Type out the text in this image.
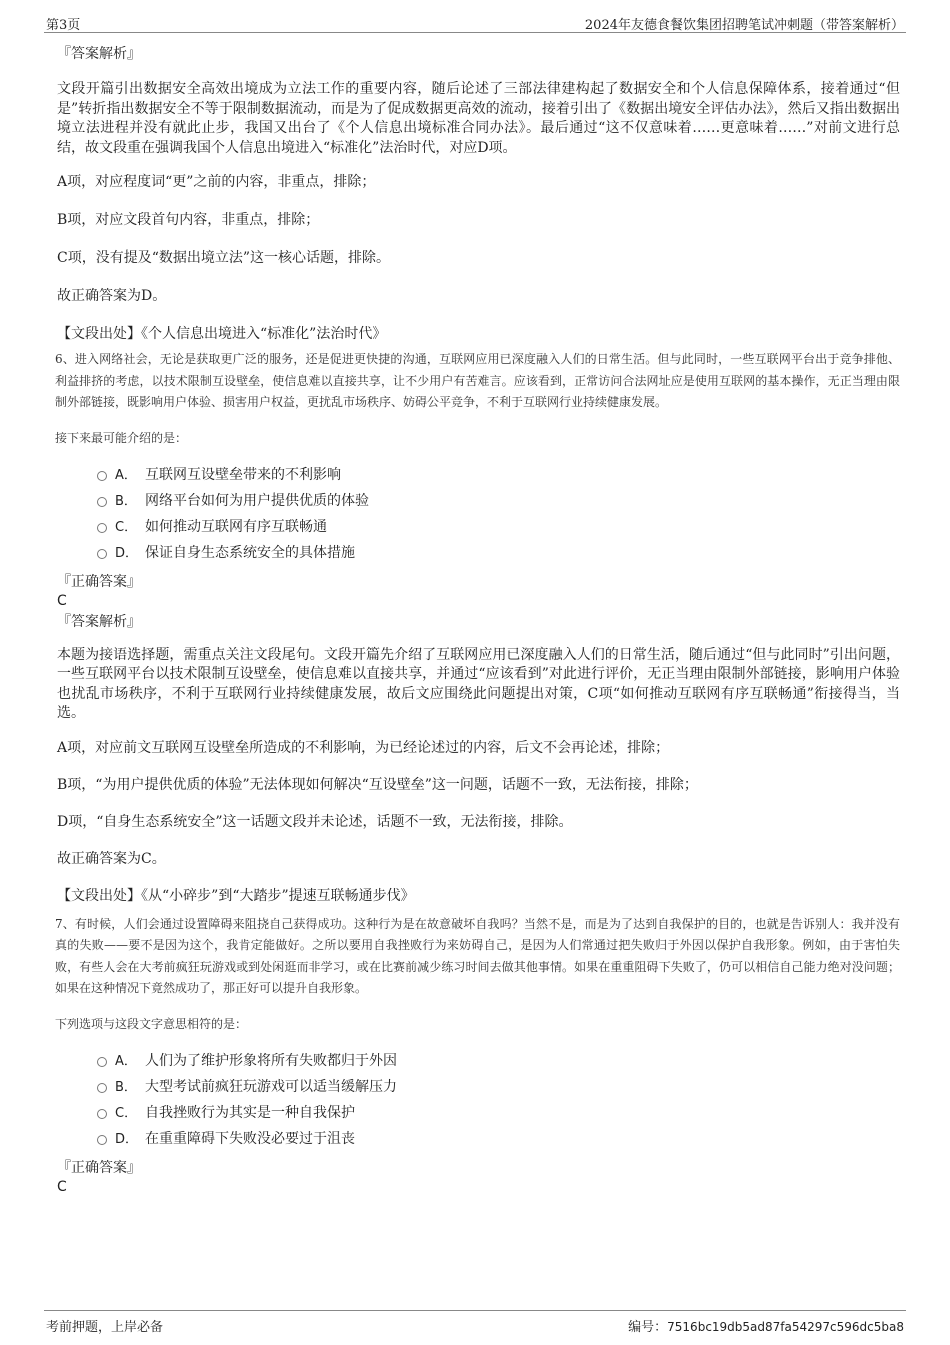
第3页	2024年友德食餐饮集团招聘笔试冲刺题（带答案解析）
『答案解析』

文段开篇引出数据安全高效出境成为立法工作的重要内容，随后论述了三部法律建构起了数据安全和个人信息保障体系，接着通过“但是”转折指出数据安全不等于限制数据流动，而是为了促成数据更高效的流动，接着引出了《数据出境安全评估办法》，然后又指出数据出境立法进程并没有就此止步，我国又出台了《个人信息出境标准合同办法》。最后通过“这不仅意味着……更意味着……”对前文进行总结，故文段重在强调我国个人信息出境进入“标准化”法治时代，对应D项。

A项，对应程度词“更”之前的内容，非重点，排除；
B项，对应文段首句内容，非重点，排除；
C项，没有提及“数据出境立法”这一核心话题，排除。
故正确答案为D。
【文段出处】《个人信息出境进入“标准化”法治时代》

6、进入网络社会，无论是获取更广泛的服务，还是促进更快捷的沟通，互联网应用已深度融入人们的日常生活。但与此同时，一些互联网平台出于竞争排他、利益排挤的考虑，以技术限制互设壁垒，使信息难以直接共享，让不少用户有苦难言。应该看到，正常访问合法网址应是使用互联网的基本操作，无正当理由限制外部链接，既影响用户体验、损害用户权益，更扰乱市场秩序、妨碍公平竞争，不利于互联网行业持续健康发展。

接下来最可能介绍的是：
A． 互联网互设壁垒带来的不利影响
B． 网络平台如何为用户提供优质的体验
C． 如何推动互联网有序互联畅通
D． 保证自身生态系统安全的具体措施
『正确答案』
C
『答案解析』

本题为接语选择题，需重点关注文段尾句。文段开篇先介绍了互联网应用已深度融入人们的日常生活，随后通过“但与此同时”引出问题，一些互联网平台以技术限制互设壁垒，使信息难以直接共享，并通过“应该看到”对此进行评价，无正当理由限制外部链接，影响用户体验也扰乱市场秩序，不利于互联网行业持续健康发展，故后文应围绕此问题提出对策，C项“如何推动互联网有序互联畅通”衔接得当，当选。

A项，对应前文互联网互设壁垒所造成的不利影响，为已经论述过的内容，后文不会再论述，排除；
B项，“为用户提供优质的体验”无法体现如何解决“互设壁垒”这一问题，话题不一致，无法衔接，排除；
D项，“自身生态系统安全”这一话题文段并未论述，话题不一致，无法衔接，排除。
故正确答案为C。
【文段出处】《从“小碎步”到“大踏步”提速互联畅通步伐》

7、有时候，人们会通过设置障碍来阻挠自己获得成功。这种行为是在故意破坏自我吗？当然不是，而是为了达到自我保护的目的，也就是告诉别人：我并没有真的失败——要不是因为这个，我肯定能做好。之所以要用自我挫败行为来妨碍自己，是因为人们常通过把失败归于外因以保护自我形象。例如，由于害怕失败，有些人会在大考前疯狂玩游戏或到处闲逛而非学习，或在比赛前减少练习时间去做其他事情。如果在重重阻碍下失败了，仍可以相信自己能力绝对没问题；如果在这种情况下竟然成功了，那正好可以提升自我形象。

下列选项与这段文字意思相符的是：
A． 人们为了维护形象将所有失败都归于外因
B． 大型考试前疯狂玩游戏可以适当缓解压力
C． 自我挫败行为其实是一种自我保护
D． 在重重障碍下失败没必要过于沮丧
『正确答案』
C
考前押题，上岸必备	编号：7516bc19db5ad87fa54297c596dc5ba8
